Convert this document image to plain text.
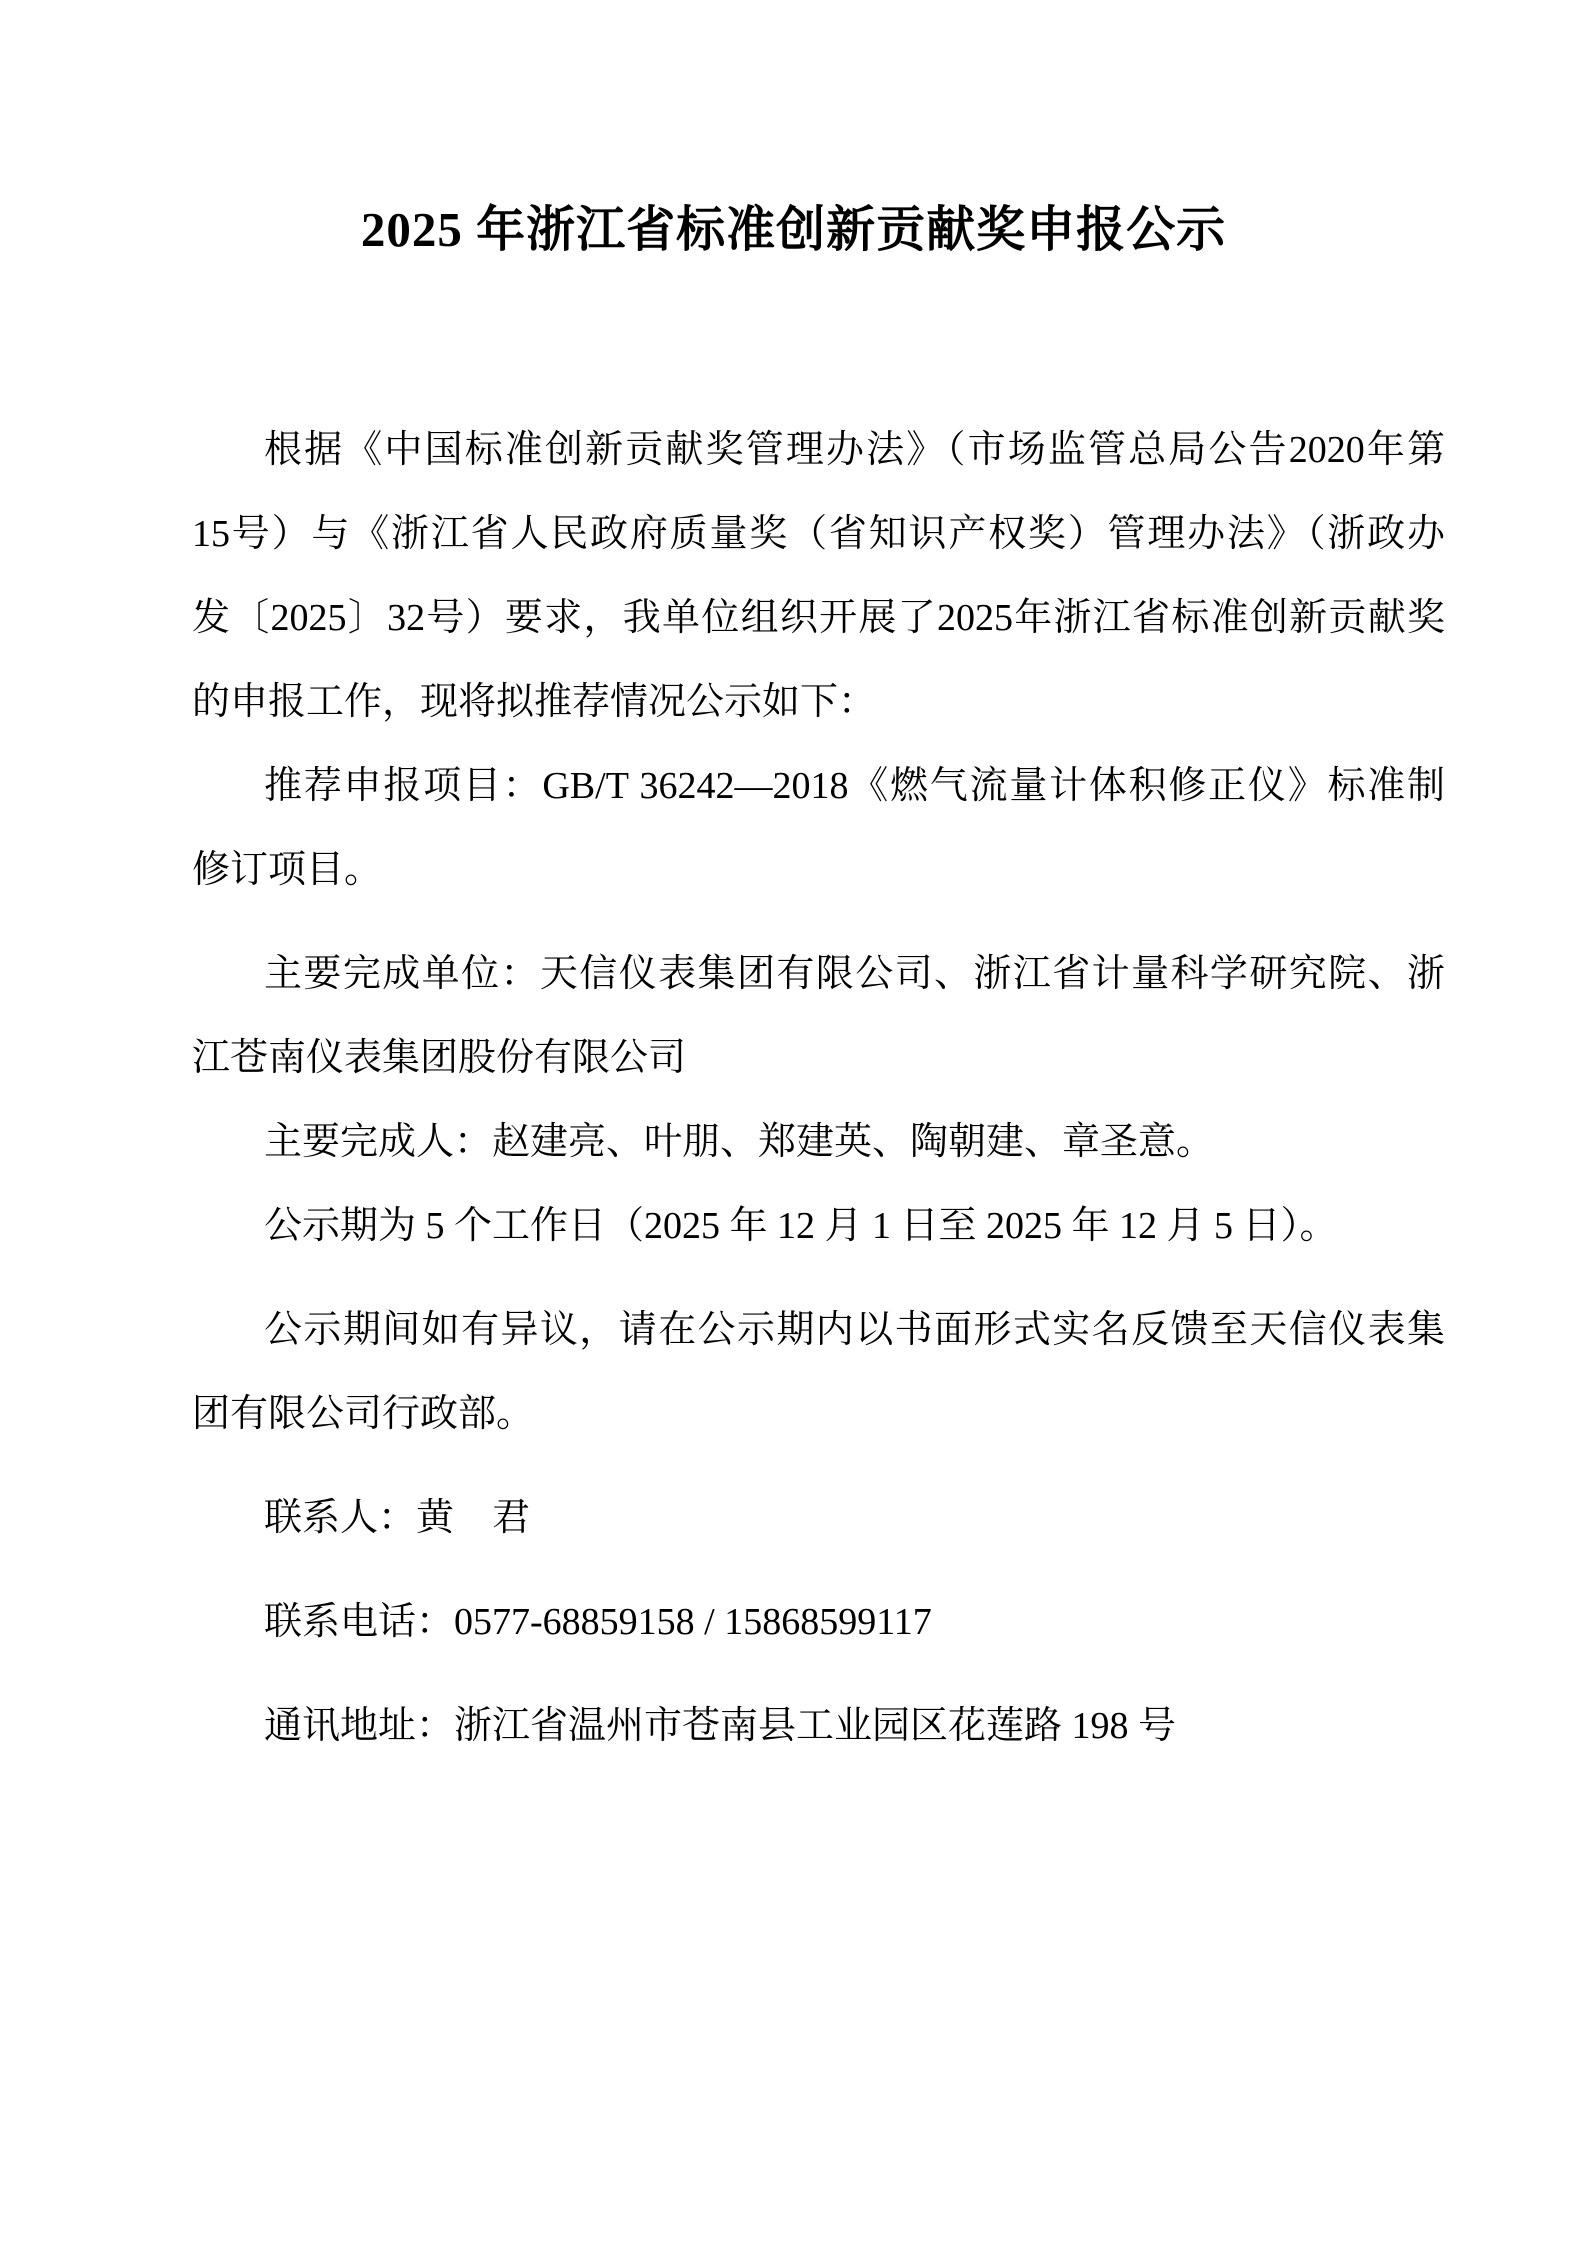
2025 年浙江省标准创新贡献奖申报公示

根据《中国标准创新贡献奖管理办法》（市场监管总局公告2020年第
15号）与《浙江省人民政府质量奖（省知识产权奖）管理办法》（浙政办
发〔2025〕32号）要求，我单位组织开展了2025年浙江省标准创新贡献奖
的申报工作，现将拟推荐情况公示如下：

推荐申报项目：GB/T 36242—2018《燃气流量计体积修正仪》标准制
修订项目。

主要完成单位：天信仪表集团有限公司、浙江省计量科学研究院、浙
江苍南仪表集团股份有限公司

主要完成人：赵建亮、叶朋、郑建英、陶朝建、章圣意。

公示期为 5 个工作日（2025 年 12 月 1 日至 2025 年 12 月 5 日）。

公示期间如有异议，请在公示期内以书面形式实名反馈至天信仪表集
团有限公司行政部。

联系人：黄　君

联系电话：0577-68859158 / 15868599117

通讯地址：浙江省温州市苍南县工业园区花莲路 198 号
